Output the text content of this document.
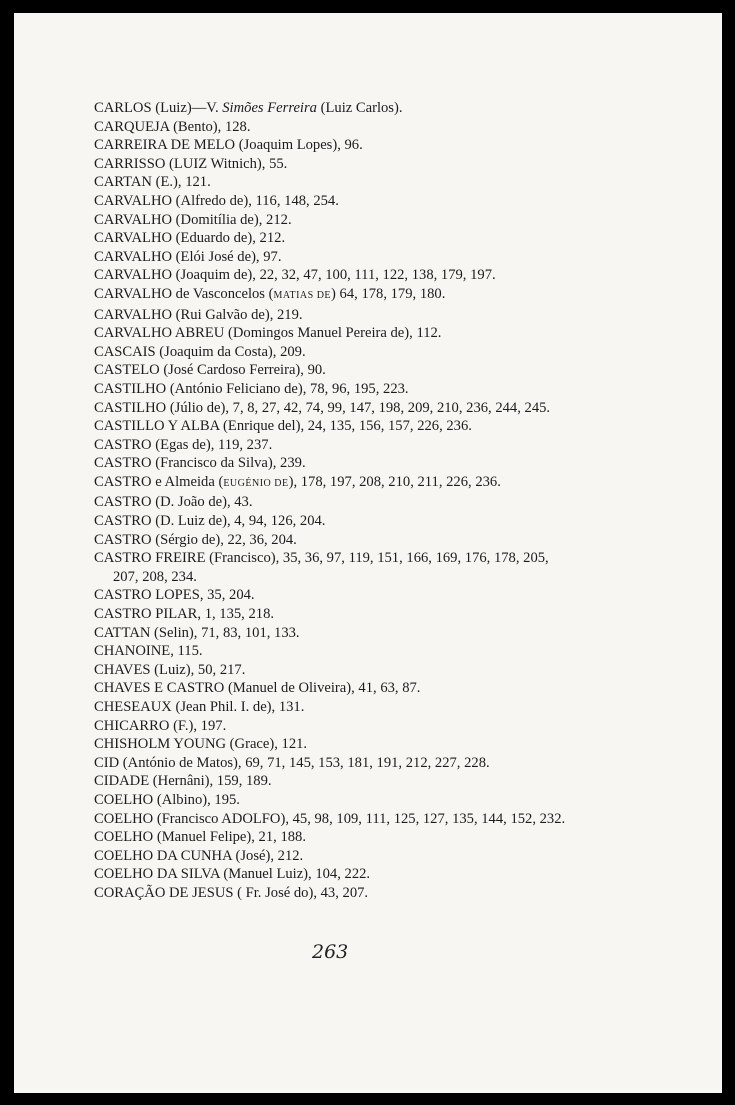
CARLOS (Luiz)—V. Simões Ferreira (Luiz Carlos).

CARQUEJA (Bento), 128.

CARREIRA DE MELO (Joaquim Lopes), 96.

CARRISSO (LUIZ Witnich), 55.

CARTAN (E.), 121.

CARVALHO (Alfredo de), 116, 148, 254.

CARVALHO (Domitília de), 212.

CARVALHO (Eduardo de), 212.

CARVALHO (Elói José de), 97.

CARVALHO (Joaquim de), 22, 32, 47, 100, 111, 122, 138, 179, 197.

CARVALHO de Vasconcelos (MATIAS DE) 64, 178, 179, 180.

CARVALHO (Rui Galvão de), 219.

CARVALHO ABREU (Domingos Manuel Pereira de), 112.

CASCAIS (Joaquim da Costa), 209.

CASTELO (José Cardoso Ferreira), 90.

CASTILHO (António Feliciano de), 78, 96, 195, 223.

CASTILHO (Júlio de), 7, 8, 27, 42, 74, 99, 147, 198, 209, 210, 236, 244, 245.

CASTILLO Y ALBA (Enrique del), 24, 135, 156, 157, 226, 236.

CASTRO (Egas de), 119, 237.

CASTRO (Francisco da Silva), 239.

CASTRO e Almeida (EUGÉNIO DE), 178, 197, 208, 210, 211, 226, 236.

CASTRO (D. João de), 43.

CASTRO (D. Luiz de), 4, 94, 126, 204.

CASTRO (Sérgio de), 22, 36, 204.

CASTRO FREIRE (Francisco), 35, 36, 97, 119, 151, 166, 169, 176, 178, 205, 207, 208, 234.

CASTRO LOPES, 35, 204.

CASTRO PILAR, 1, 135, 218.

CATTAN (Selin), 71, 83, 101, 133.

CHANOINE, 115.

CHAVES (Luiz), 50, 217.

CHAVES E CASTRO (Manuel de Oliveira), 41, 63, 87.

CHESEAUX (Jean Phil. I. de), 131.

CHICARRO (F.), 197.

CHISHOLM YOUNG (Grace), 121.

CID (António de Matos), 69, 71, 145, 153, 181, 191, 212, 227, 228.

CIDADE (Hernâni), 159, 189.

COELHO (Albino), 195.

COELHO (Francisco ADOLFO), 45, 98, 109, 111, 125, 127, 135, 144, 152, 232.

COELHO (Manuel Felipe), 21, 188.

COELHO DA CUNHA (José), 212.

COELHO DA SILVA (Manuel Luiz), 104, 222.

CORAÇÃO DE JESUS ( Fr. José do), 43, 207.

263
